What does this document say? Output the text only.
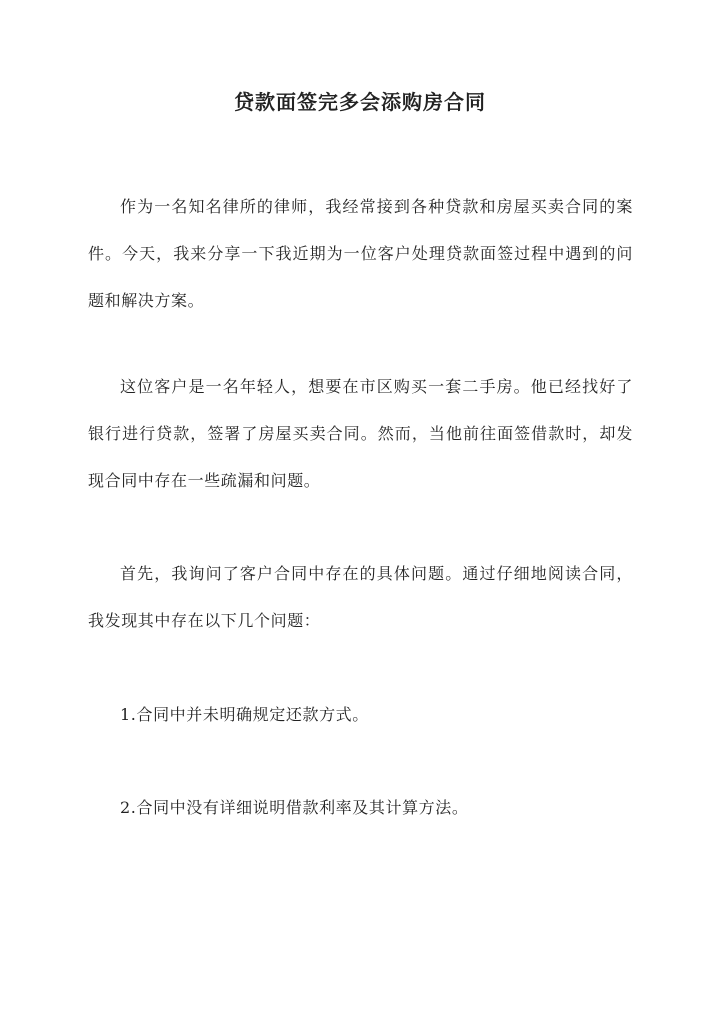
贷款面签完多会添购房合同

作为一名知名律所的律师，我经常接到各种贷款和房屋买卖合同的案件。今天，我来分享一下我近期为一位客户处理贷款面签过程中遇到的问题和解决方案。

这位客户是一名年轻人，想要在市区购买一套二手房。他已经找好了银行进行贷款，签署了房屋买卖合同。然而，当他前往面签借款时，却发现合同中存在一些疏漏和问题。

首先，我询问了客户合同中存在的具体问题。通过仔细地阅读合同，我发现其中存在以下几个问题：

1.合同中并未明确规定还款方式。

2.合同中没有详细说明借款利率及其计算方法。
